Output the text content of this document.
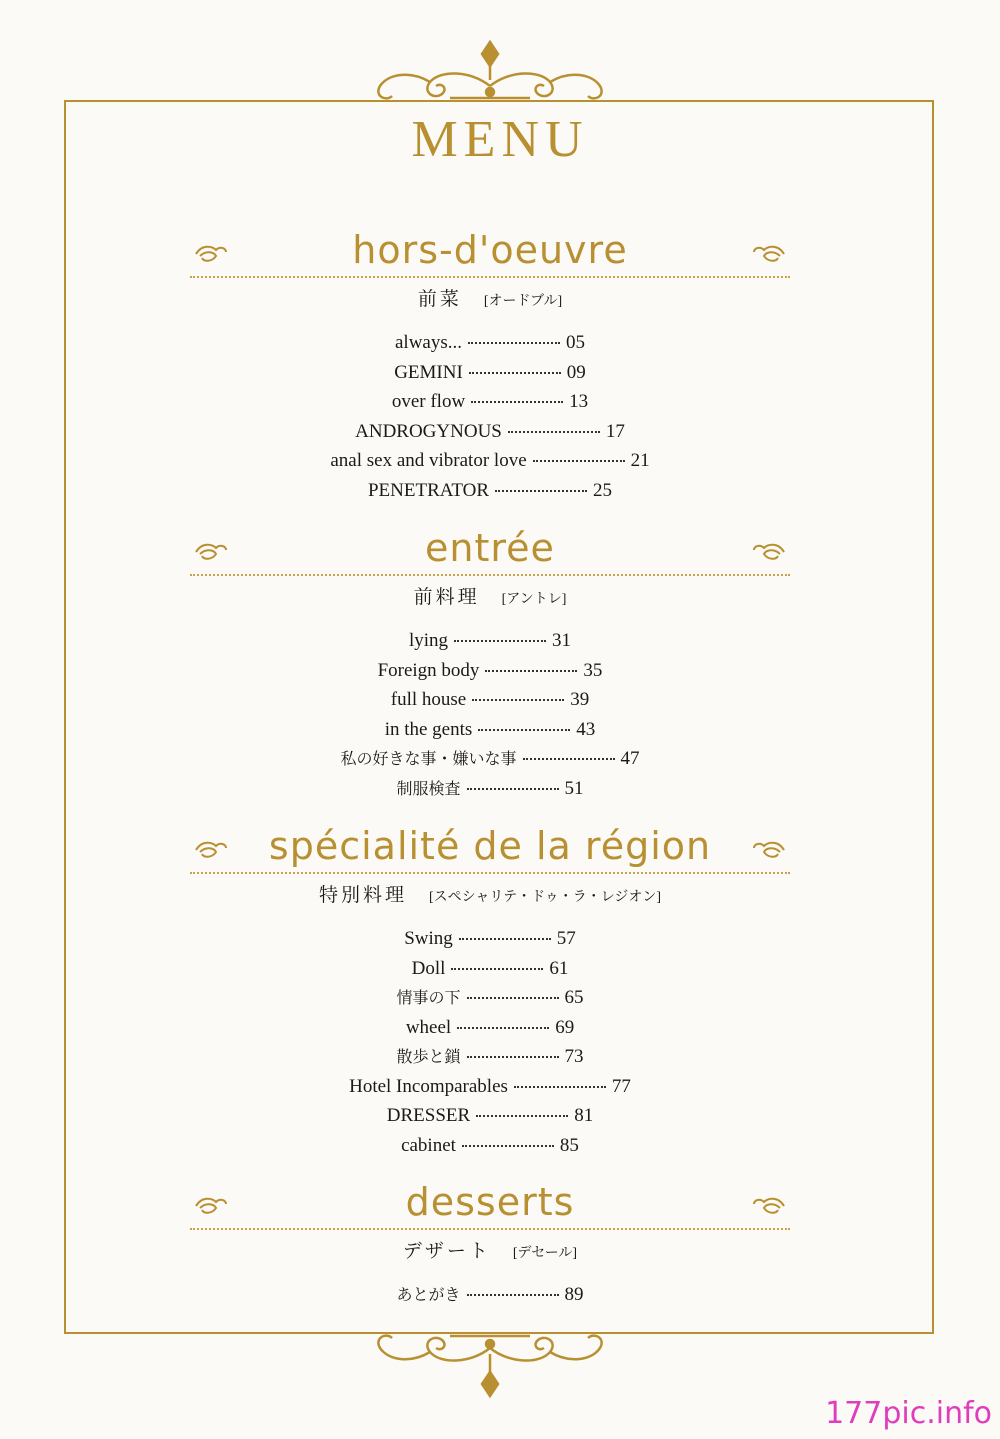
MENU
hors-d'oeuvre
前菜 [オードブル]
always...	05
GEMINI	09
over flow	13
ANDROGYNOUS	17
anal sex and vibrator love	21
PENETRATOR	25
entrée
前料理 [アントレ]
lying	31
Foreign body	35
full house	39
in the gents	43
私の好きな事・嫌いな事	47
制服検査	51
spécialité de la région
特別料理 [スペシャリテ・ドゥ・ラ・レジオン]
Swing	57
Doll	61
情事の下	65
wheel	69
散歩と鎖	73
Hotel Incomparables	77
DRESSER	81
cabinet	85
desserts
デザート [デセール]
あとがき	89
177pic.info
